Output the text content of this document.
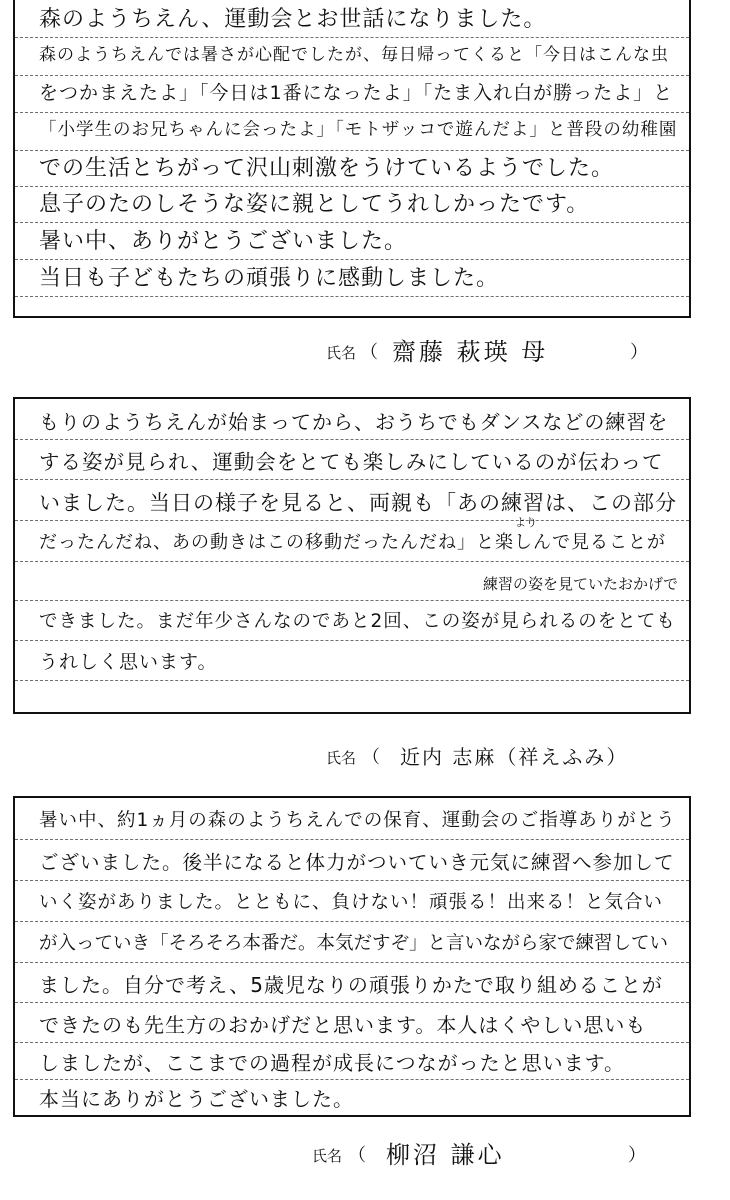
森のようちえん、運動会とお世話になりました。
森のようちえんでは暑さが心配でしたが、毎日帰ってくると「今日はこんな虫
をつかまえたよ」「今日は1番になったよ」「たま入れ白が勝ったよ」と
「小学生のお兄ちゃんに会ったよ」「モトザッコで遊んだよ」と普段の幼稚園
での生活とちがって沢山刺激をうけているようでした。
息子のたのしそうな姿に親としてうれしかったです。
暑い中、ありがとうございました。
当日も子どもたちの頑張りに感動しました。
氏名 （ 齋藤 萩瑛 母	）
もりのようちえんが始まってから、おうちでもダンスなどの練習を
する姿が見られ、運動会をとても楽しみにしているのが伝わって
いました。当日の様子を見ると、両親も「あの練習は、この部分
だったんだね、あの動きはこの移動だったんだね」と楽しんで見ることが
より
練習の姿を見ていたおかげで
できました。まだ年少さんなのであと2回、この姿が見られるのをとても
うれしく思います。
氏名 （ 近内 志麻（祥えふみ）
暑い中、約1ヵ月の森のようちえんでの保育、運動会のご指導ありがとう
ございました。後半になると体力がついていき元気に練習へ参加して
いく姿がありました。とともに、負けない！頑張る！出来る！と気合い
が入っていき「そろそろ本番だ。本気だすぞ」と言いながら家で練習してい
ました。自分で考え、5歳児なりの頑張りかたで取り組めることが
できたのも先生方のおかげだと思います。本人はくやしい思いも
しましたが、ここまでの過程が成長につながったと思います。
本当にありがとうございました。
氏名 （ 柳沼 謙心	）
